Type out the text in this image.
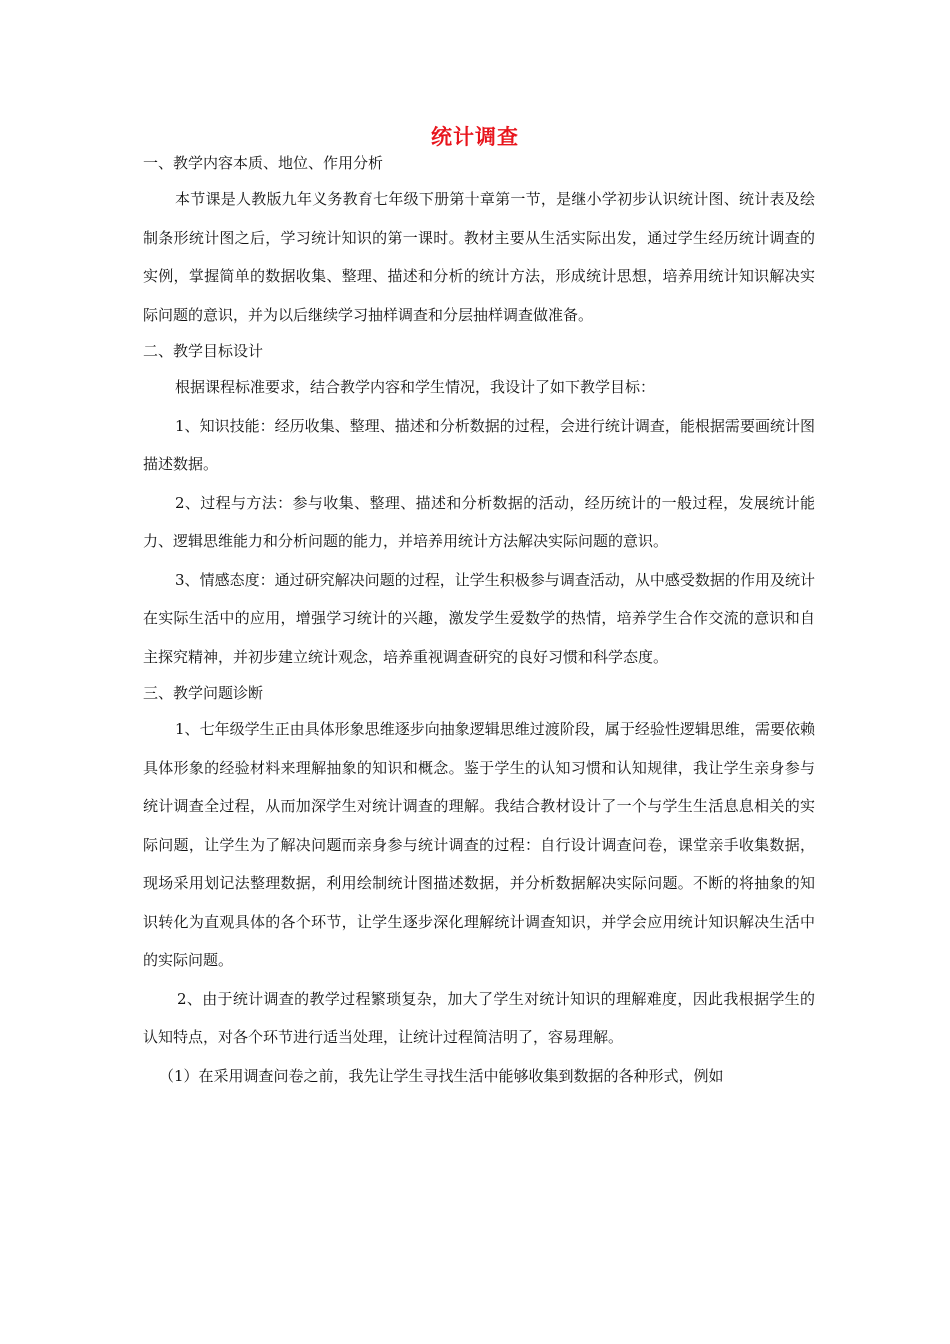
统计调查
一、教学内容本质、地位、作用分析

本节课是人教版九年义务教育七年级下册第十章第一节，是继小学初步认识统计图、统计表及绘制条形统计图之后，学习统计知识的第一课时。教材主要从生活实际出发，通过学生经历统计调查的实例，掌握简单的数据收集、整理、描述和分析的统计方法，形成统计思想，培养用统计知识解决实际问题的意识，并为以后继续学习抽样调查和分层抽样调查做准备。

二、教学目标设计

根据课程标准要求，结合教学内容和学生情况，我设计了如下教学目标：

1、知识技能：经历收集、整理、描述和分析数据的过程，会进行统计调查，能根据需要画统计图描述数据。

2、过程与方法：参与收集、整理、描述和分析数据的活动，经历统计的一般过程，发展统计能力、逻辑思维能力和分析问题的能力，并培养用统计方法解决实际问题的意识。

3、情感态度：通过研究解决问题的过程，让学生积极参与调查活动，从中感受数据的作用及统计在实际生活中的应用，增强学习统计的兴趣，激发学生爱数学的热情，培养学生合作交流的意识和自主探究精神，并初步建立统计观念，培养重视调查研究的良好习惯和科学态度。

三、教学问题诊断

1、七年级学生正由具体形象思维逐步向抽象逻辑思维过渡阶段，属于经验性逻辑思维，需要依赖具体形象的经验材料来理解抽象的知识和概念。鉴于学生的认知习惯和认知规律，我让学生亲身参与统计调查全过程，从而加深学生对统计调查的理解。我结合教材设计了一个与学生生活息息相关的实际问题，让学生为了解决问题而亲身参与统计调查的过程：自行设计调查问卷，课堂亲手收集数据，现场采用划记法整理数据，利用绘制统计图描述数据，并分析数据解决实际问题。不断的将抽象的知识转化为直观具体的各个环节，让学生逐步深化理解统计调查知识，并学会应用统计知识解决生活中的实际问题。

2、由于统计调查的教学过程繁琐复杂，加大了学生对统计知识的理解难度，因此我根据学生的认知特点，对各个环节进行适当处理，让统计过程简洁明了，容易理解。

（1）在采用调查问卷之前，我先让学生寻找生活中能够收集到数据的各种形式，例如
